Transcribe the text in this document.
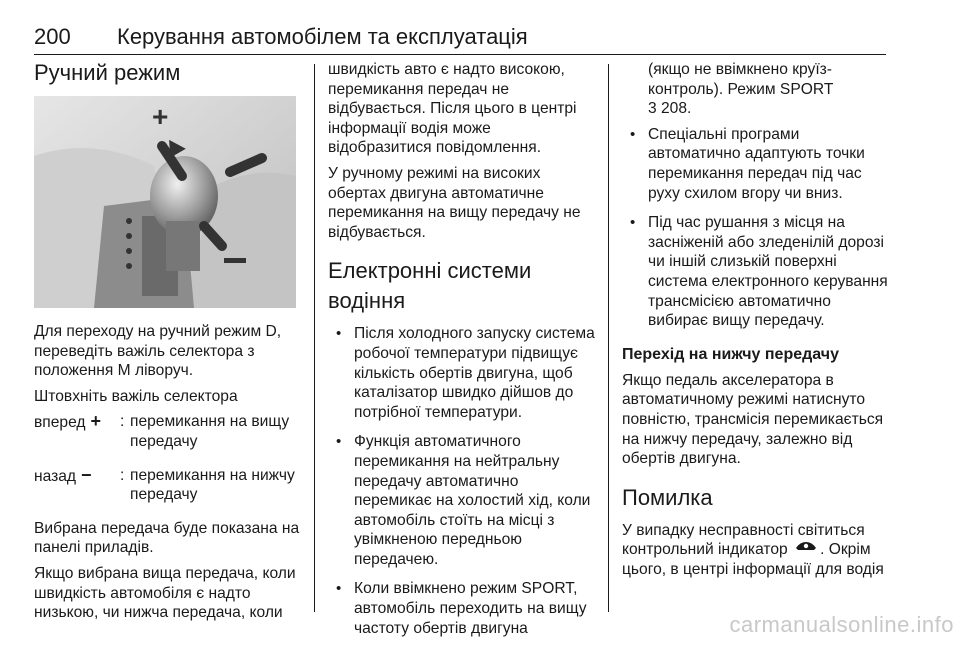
200 Керування автомобілем та експлуатація
Ручний режим
+

Для переходу на ручний режим D, переведіть важіль селектора з положення M ліворуч.

Штовхніть важіль селектора

вперед +	: перемикання на вищу передачу
назад −	: перемикання на нижчу передачу

Вибрана передача буде показана на панелі приладів.

Якщо вибрана вища передача, коли швидкість автомобіля є надто низькою, чи нижча передача, коли

швидкість авто є надто високою, перемикання передач не відбувається. Після цього в центрі інформації водія може відобразитися повідомлення.

У ручному режимі на високих обертах двигуна автоматичне перемикання на вищу передачу не відбувається.

Електронні системи водіння
• Після холодного запуску система робочої температури підвищує кількість обертів двигуна, щоб каталізатор швидко дійшов до потрібної температури.
• Функція автоматичного перемикання на нейтральну передачу автоматично перемикає на холостий хід, коли автомобіль стоїть на місці з увімкненою передньою передачею.
• Коли ввімкнено режим SPORT, автомобіль переходить на вищу частоту обертів двигуна

(якщо не ввімкнено круїз-контроль). Режим SPORT
3 208.

• Спеціальні програми автоматично адаптують точки перемикання передач під час руху схилом вгору чи вниз.
• Під час рушання з місця на засніженій або зледенілій дорозі чи іншій слизькій поверхні система електронного керування трансмісією автоматично вибирає вищу передачу.
Перехід на нижчу передачу

Якщо педаль акселератора в автоматичному режимі натиснуто повністю, трансмісія перемикається на нижчу передачу, залежно від обертів двигуна.

Помилка

У випадку несправності світиться контрольний індикатор . Окрім цього, в центрі інформації для водія

carmanualsonline.info
